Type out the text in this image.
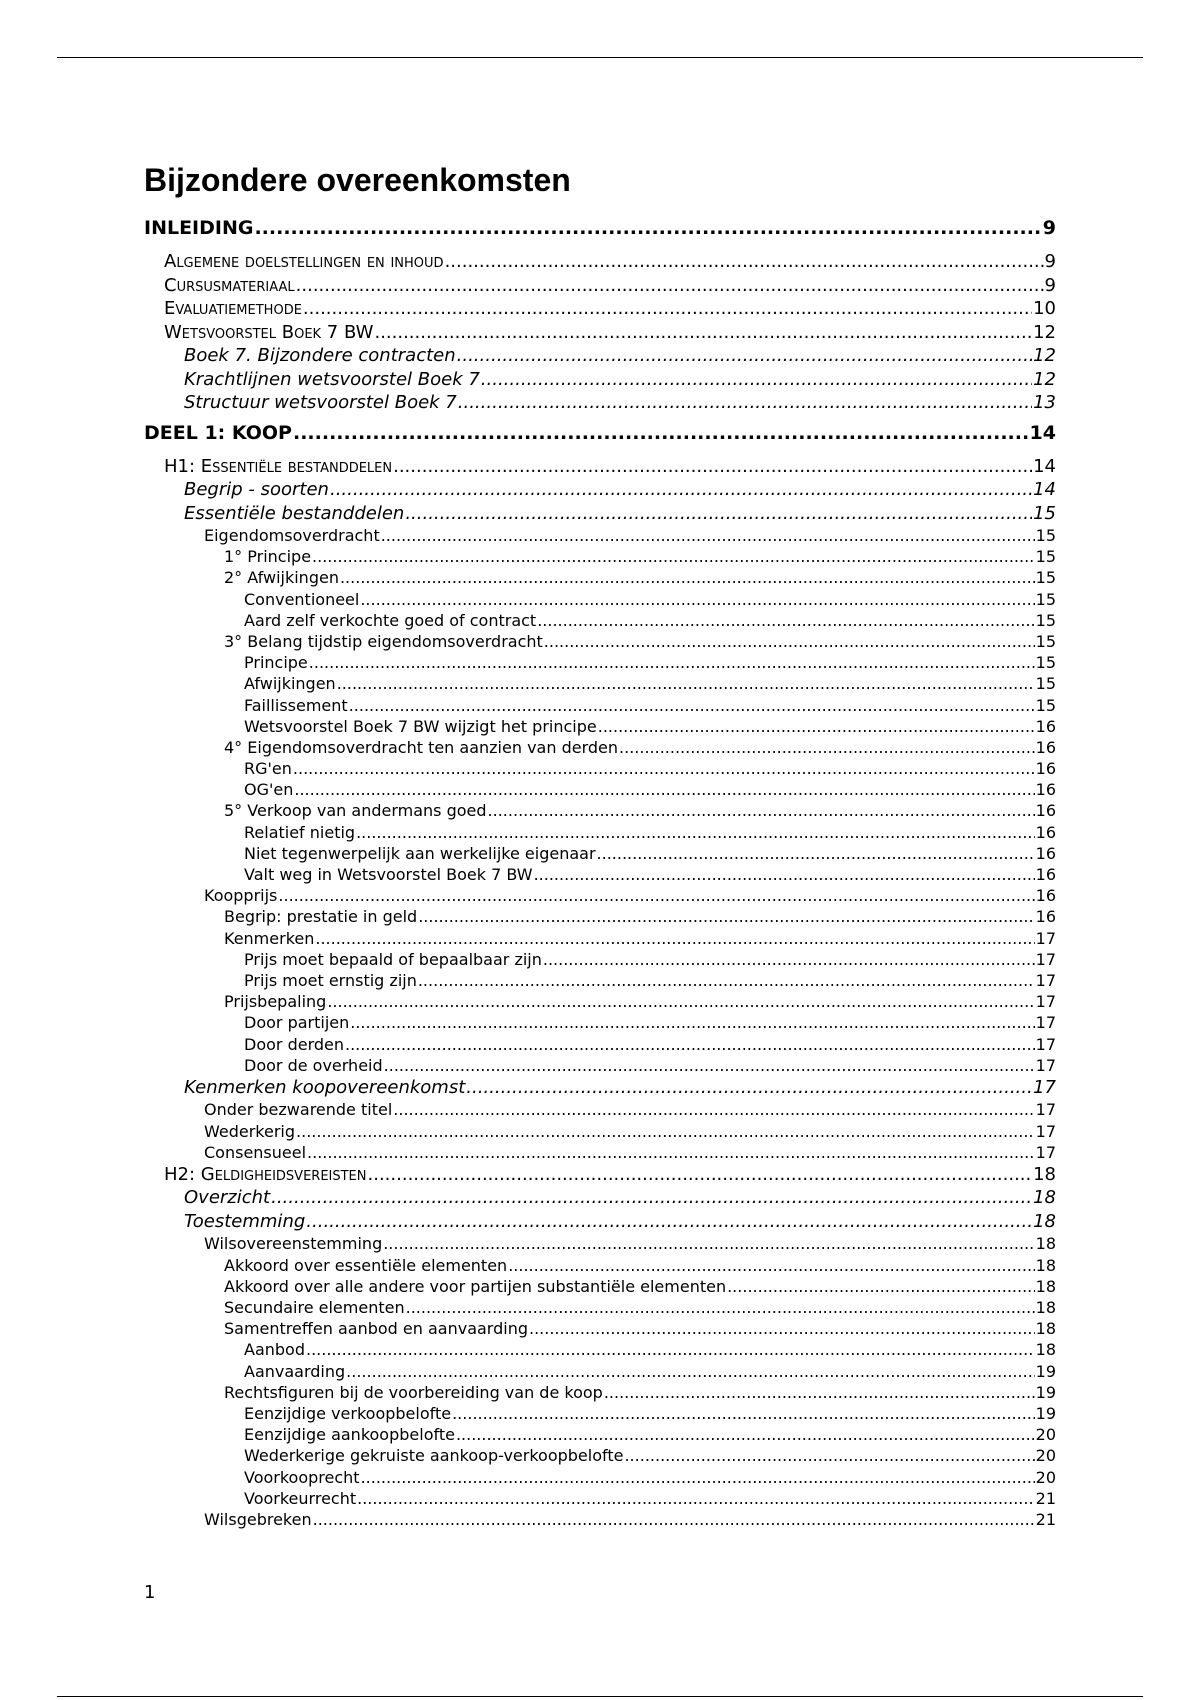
Bijzondere overeenkomsten
INLEIDING .....	9
Algemene doelstellingen en inhoud .....	9
Cursusmateriaal .....	9
Evaluatiemethode .....	10
Wetsvoorstel Boek 7 BW .....	12
Boek 7. Bijzondere contracten .....	12
Krachtlijnen wetsvoorstel Boek 7 .....	12
Structuur wetsvoorstel Boek 7 .....	13
DEEL 1: KOOP .....	14
H1: Essentiële bestanddelen .....	14
Begrip - soorten .....	14
Essentiële bestanddelen .....	15
Eigendomsoverdracht .....	15
1° Principe .....	15
2° Afwijkingen .....	15
Conventioneel .....	15
Aard zelf verkochte goed of contract .....	15
3° Belang tijdstip eigendomsoverdracht .....	15
Principe .....	15
Afwijkingen .....	15
Faillissement .....	15
Wetsvoorstel Boek 7 BW wijzigt het principe .....	16
4° Eigendomsoverdracht ten aanzien van derden .....	16
RG'en .....	16
OG'en .....	16
5° Verkoop van andermans goed .....	16
Relatief nietig .....	16
Niet tegenwerpelijk aan werkelijke eigenaar .....	16
Valt weg in Wetsvoorstel Boek 7 BW .....	16
Koopprijs .....	16
Begrip: prestatie in geld .....	16
Kenmerken .....	17
Prijs moet bepaald of bepaalbaar zijn .....	17
Prijs moet ernstig zijn .....	17
Prijsbepaling .....	17
Door partijen .....	17
Door derden .....	17
Door de overheid .....	17
Kenmerken koopovereenkomst .....	17
Onder bezwarende titel .....	17
Wederkerig .....	17
Consensueel .....	17
H2: Geldigheidsvereisten .....	18
Overzicht .....	18
Toestemming .....	18
Wilsovereenstemming .....	18
Akkoord over essentiële elementen .....	18
Akkoord over alle andere voor partijen substantiële elementen .....	18
Secundaire elementen .....	18
Samentreffen aanbod en aanvaarding .....	18
Aanbod .....	18
Aanvaarding .....	19
Rechtsfiguren bij de voorbereiding van de koop .....	19
Eenzijdige verkoopbelofte .....	19
Eenzijdige aankoopbelofte .....	20
Wederkerige gekruiste aankoop-verkoopbelofte .....	20
Voorkooprecht .....	20
Voorkeurrecht .....	21
Wilsgebreken .....	21
1
